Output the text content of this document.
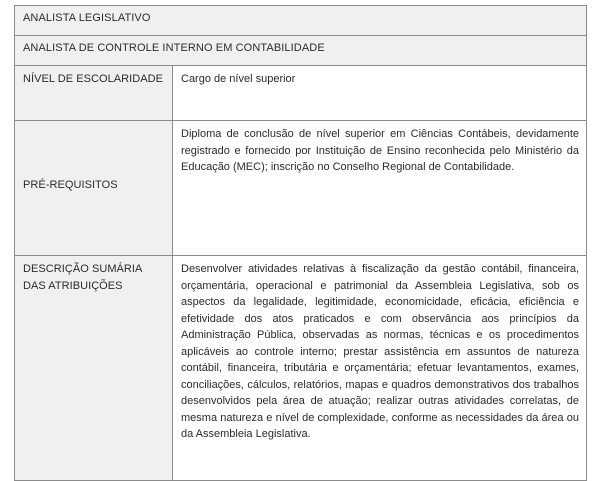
ANALISTA LEGISLATIVO	
ANALISTA DE CONTROLE INTERNO EM CONTABILIDADE	
NÍVEL DE ESCOLARIDADE	Cargo de nível superior

PRÉ-REQUISITOS	Diploma de conclusão de nível superior em Ciências Contábeis, devidamente registrado e fornecido por Instituição de Ensino reconhecida pelo Ministério da Educação (MEC); inscrição no Conselho Regional de Contabilidade.

DESCRIÇÃO SUMÁRIA DAS ATRIBUIÇÕES	Desenvolver atividades relativas à fiscalização da gestão contábil, financeira, orçamentária, operacional e patrimonial da Assembleia Legislativa, sob os aspectos da legalidade, legitimidade, economicidade, eficácia, eficiência e efetividade dos atos praticados e com observância aos princípios da Administração Pública, observadas as normas, técnicas e os procedimentos aplicáveis ao controle interno; prestar assistência em assuntos de natureza contábil, financeira, tributária e orçamentária; efetuar levantamentos, exames, conciliações, cálculos, relatórios, mapas e quadros demonstrativos dos trabalhos desenvolvidos pela área de atuação; realizar outras atividades correlatas, de mesma natureza e nível de complexidade, conforme as necessidades da área ou da Assembleia Legislativa.
